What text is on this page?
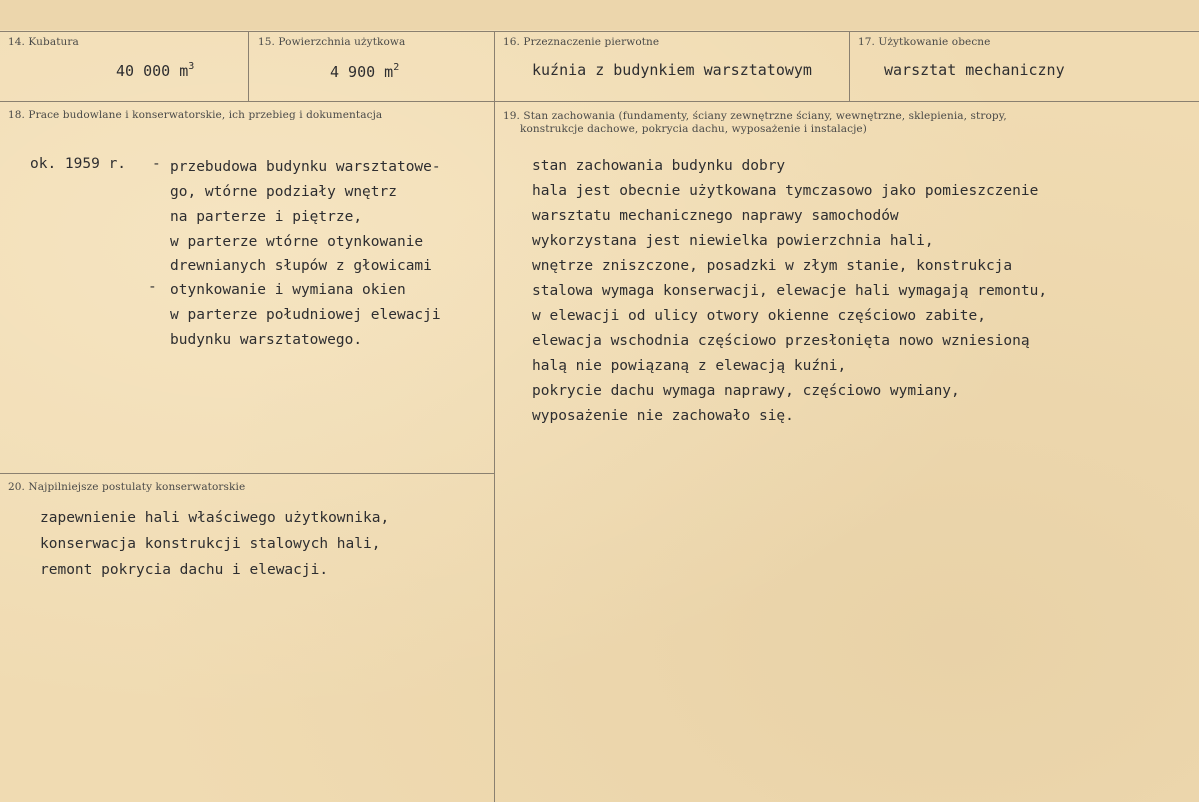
14. Kubatura
40 000 $m^3$
15. Powierzchnia użytkowa
4 900 $m^2$
16. Przeznaczenie pierwotne
kuźnia z budynkiem warsztatowym
17. Użytkowanie obecne
warsztat mechaniczny
18. Prace budowlane i konserwatorskie, ich przebieg i dokumentacja
ok. 1959 r. -
-
przebudowa budynku warsztatowe-
go, wtórne podziały wnętrz
na parterze i piętrze,
w parterze wtórne otynkowanie
drewnianych słupów z głowicami
otynkowanie i wymiana okien
w parterze południowej elewacji
budynku warsztatowego.
19. Stan zachowania (fundamenty, ściany zewnętrzne ściany, wewnętrzne, sklepienia, stropy,
konstrukcje dachowe, pokrycia dachu, wyposażenie i instalacje)
stan zachowania budynku dobry
hala jest obecnie użytkowana tymczasowo jako pomieszczenie
warsztatu mechanicznego naprawy samochodów
wykorzystana jest niewielka powierzchnia hali,
wnętrze zniszczone, posadzki w złym stanie, konstrukcja
stalowa wymaga konserwacji, elewacje hali wymagają remontu,
w elewacji od ulicy otwory okienne częściowo zabite,
elewacja wschodnia częściowo przesłonięta nowo wzniesioną
halą nie powiązaną z elewacją kuźni,
pokrycie dachu wymaga naprawy, częściowo wymiany,
wyposażenie nie zachowało się.
20. Najpilniejsze postulaty konserwatorskie
zapewnienie hali właściwego użytkownika,
konserwacja konstrukcji stalowych hali,
remont pokrycia dachu i elewacji.
